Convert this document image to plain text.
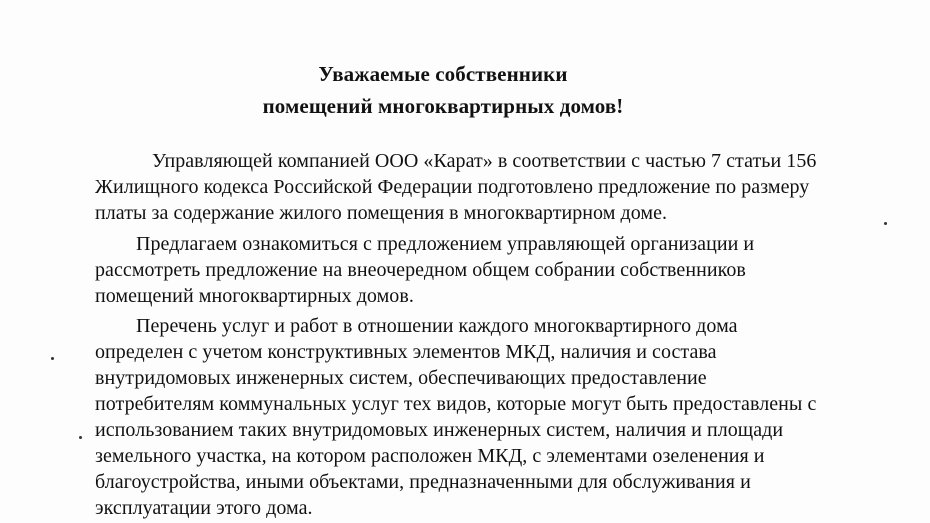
Уважаемые собственники
помещений многоквартирных домов!
Управляющей компанией ООО «Карат» в соответствии с частью 7 статьи 156
Жилищного кодекса Российской Федерации подготовлено предложение по размеру
платы за содержание жилого помещения в многоквартирном доме.
Предлагаем ознакомиться с предложением управляющей организации и
рассмотреть предложение на внеочередном общем собрании собственников
помещений многоквартирных домов.
Перечень услуг и работ в отношении каждого многоквартирного дома
определен с учетом конструктивных элементов МКД, наличия и состава
внутридомовых инженерных систем, обеспечивающих предоставление
потребителям коммунальных услуг тех видов, которые могут быть предоставлены с
использованием таких внутридомовых инженерных систем, наличия и площади
земельного участка, на котором расположен МКД, с элементами озеленения и
благоустройства, иными объектами, предназначенными для обслуживания и
эксплуатации этого дома.
